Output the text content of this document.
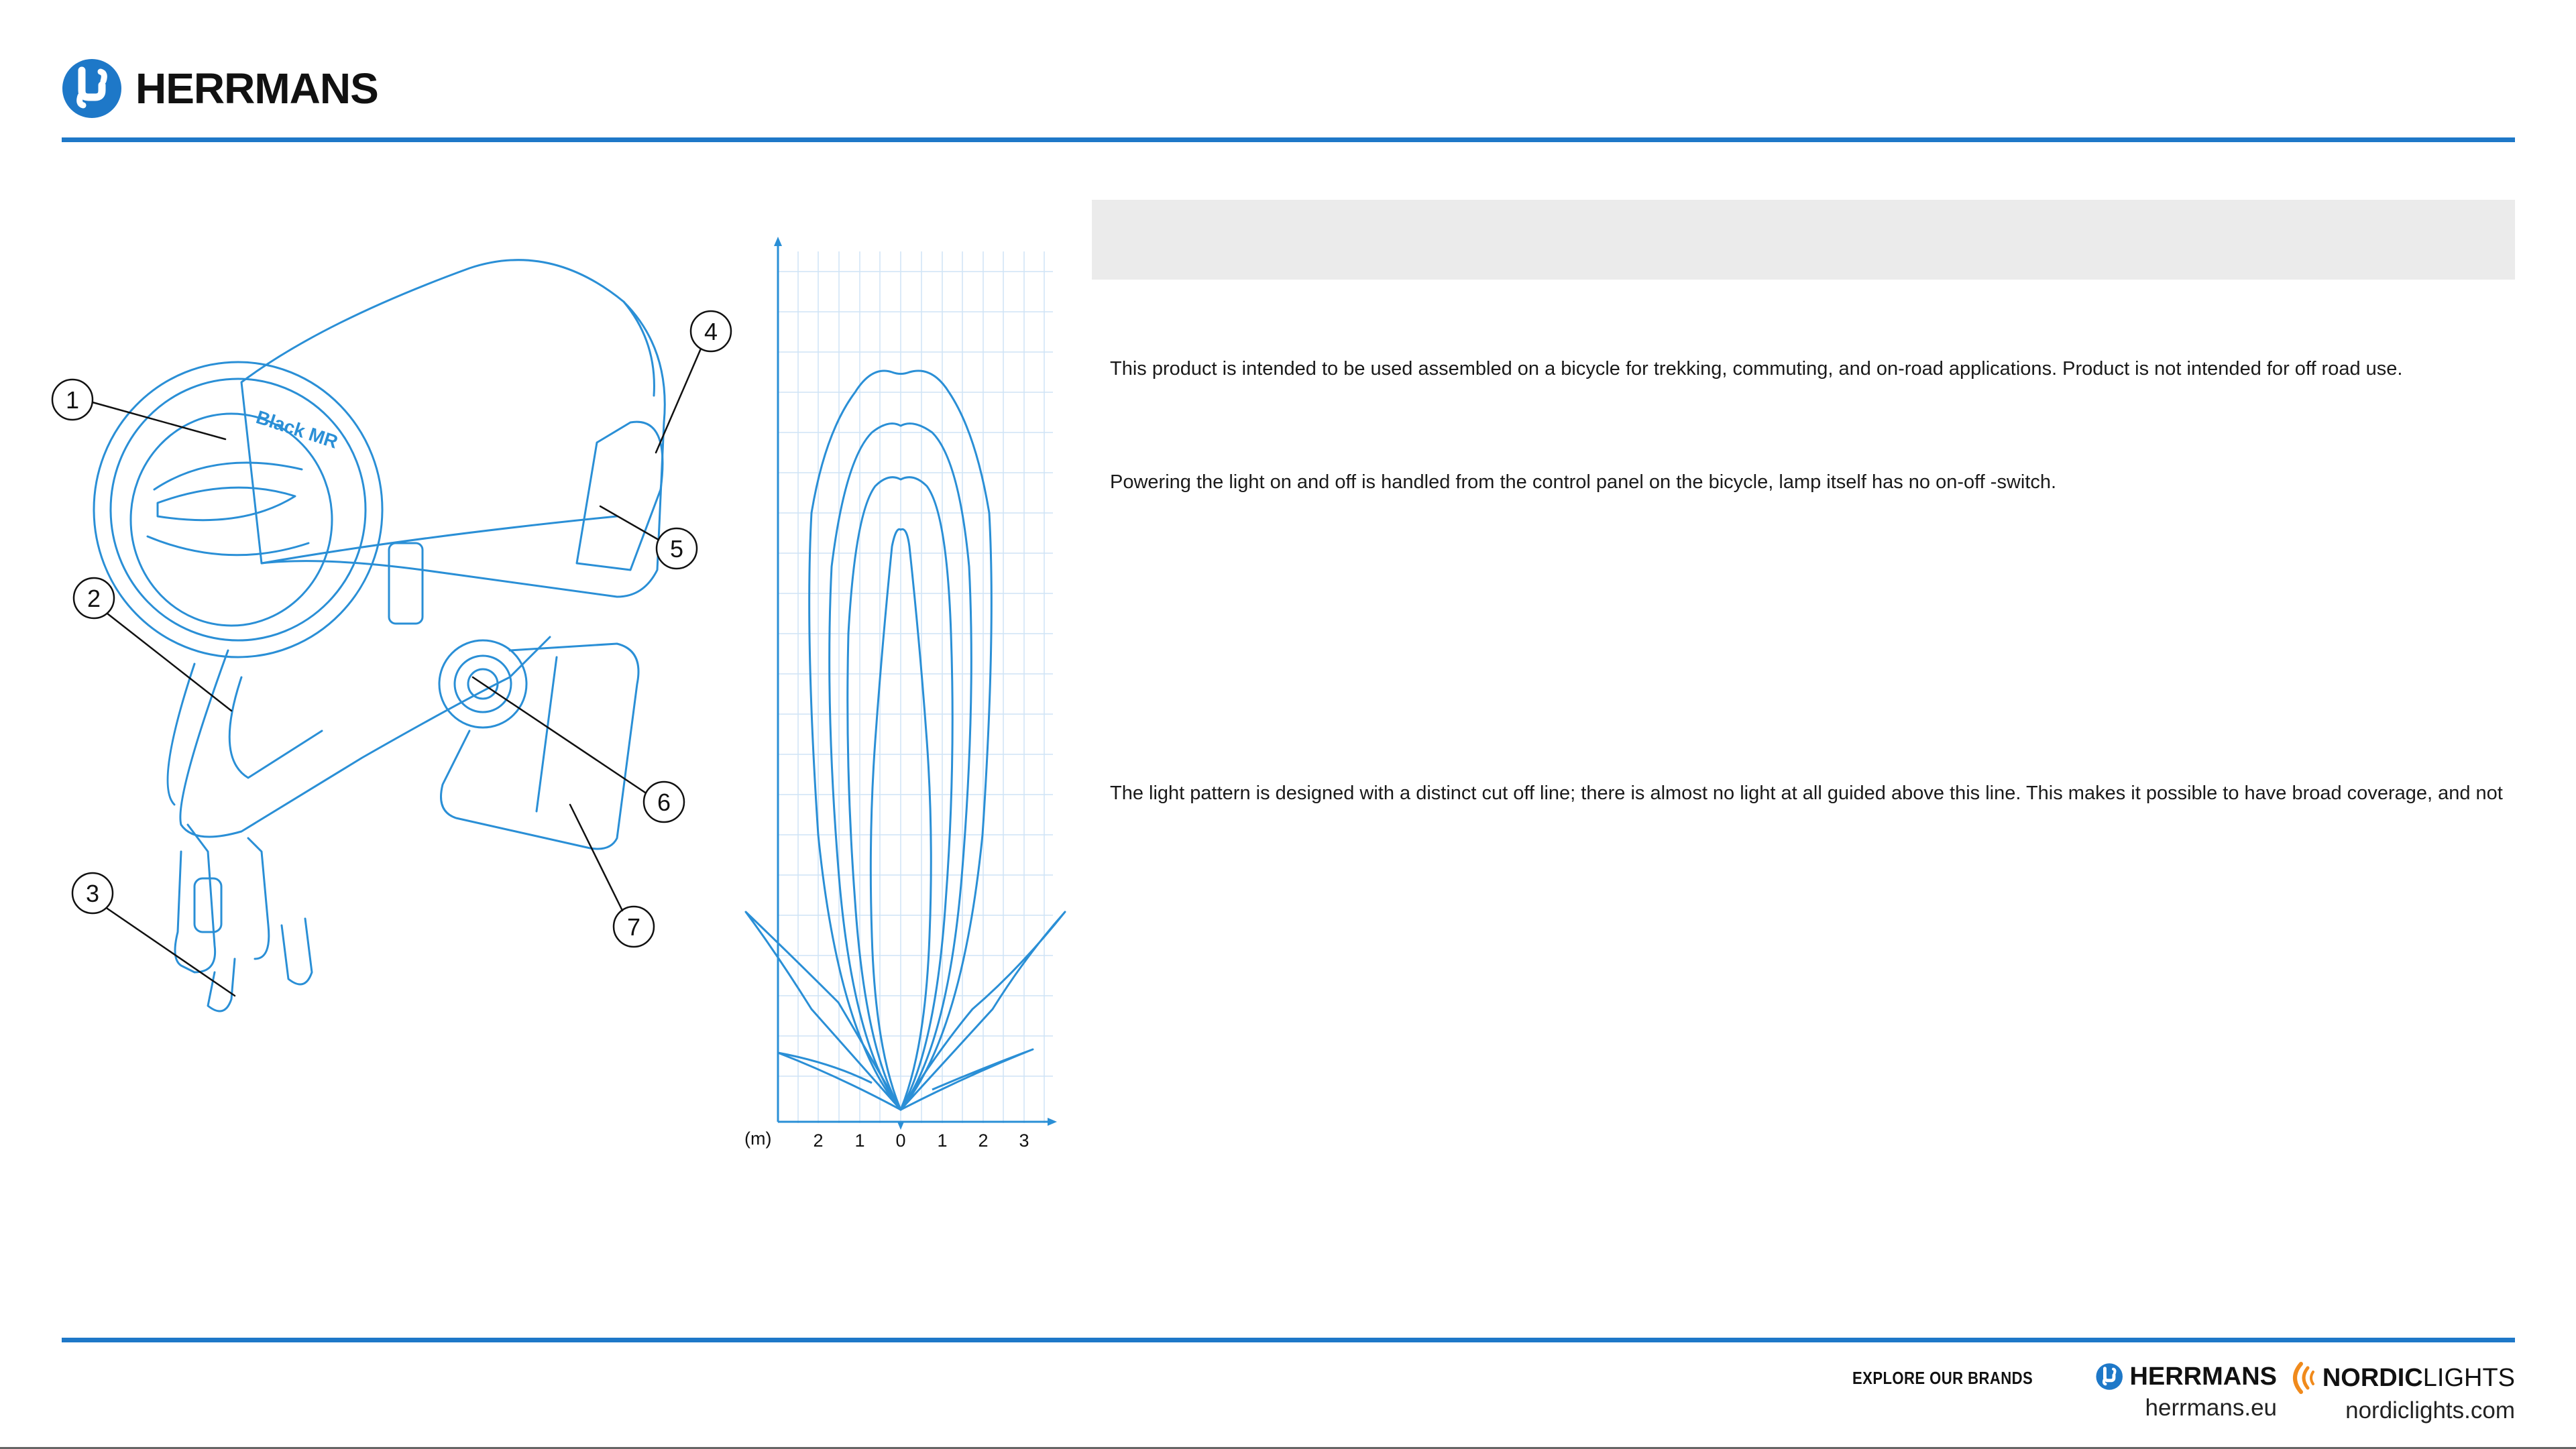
HERRMANS
Black MR
1
2
3
4
5
6
7
(m) 2 1 0 1 2 3
This product is intended to be used assembled on a bicycle for trekking, commuting, and on-road applications. Product is not intended for off road use.
Powering the light on and off is handled from the control panel on the bicycle, lamp itself has no on-off -switch.
The light pattern is designed with a distinct cut off line; there is almost no light at all guided above this line. This makes it possible to have broad coverage, and not
EXPLORE OUR BRANDS	HERRMANS
herrmans.eu
NORDIC LIGHTS
nordiclights.com
